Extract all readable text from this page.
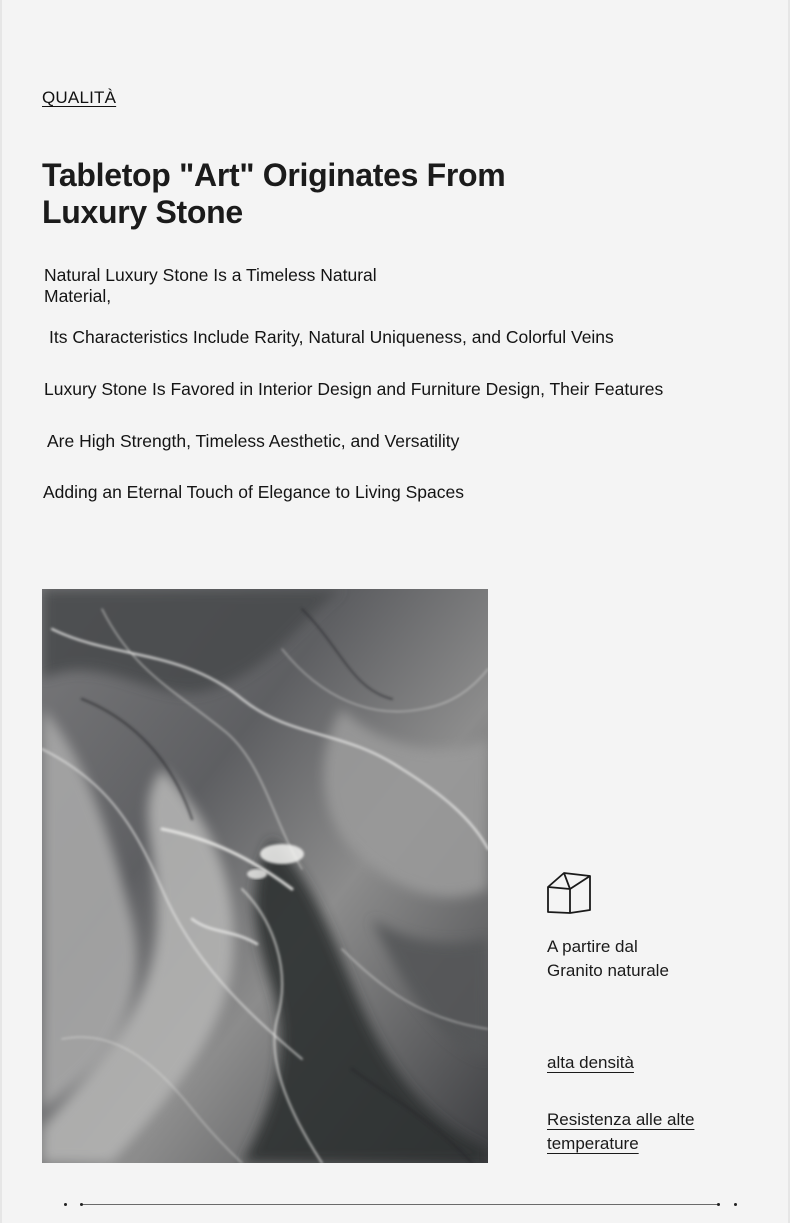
QUALITÀ
Tabletop "Art" Originates From
Luxury Stone

Natural Luxury Stone Is a Timeless Natural Material,

Its Characteristics Include Rarity, Natural Uniqueness, and Colorful Veins

Luxury Stone Is Favored in Interior Design and Furniture Design, Their Features

Are High Strength, Timeless Aesthetic, and Versatility

Adding an Eternal Touch of Elegance to Living Spaces

A partire dal
Granito naturale
alta densità
Resistenza alle alte temperature
